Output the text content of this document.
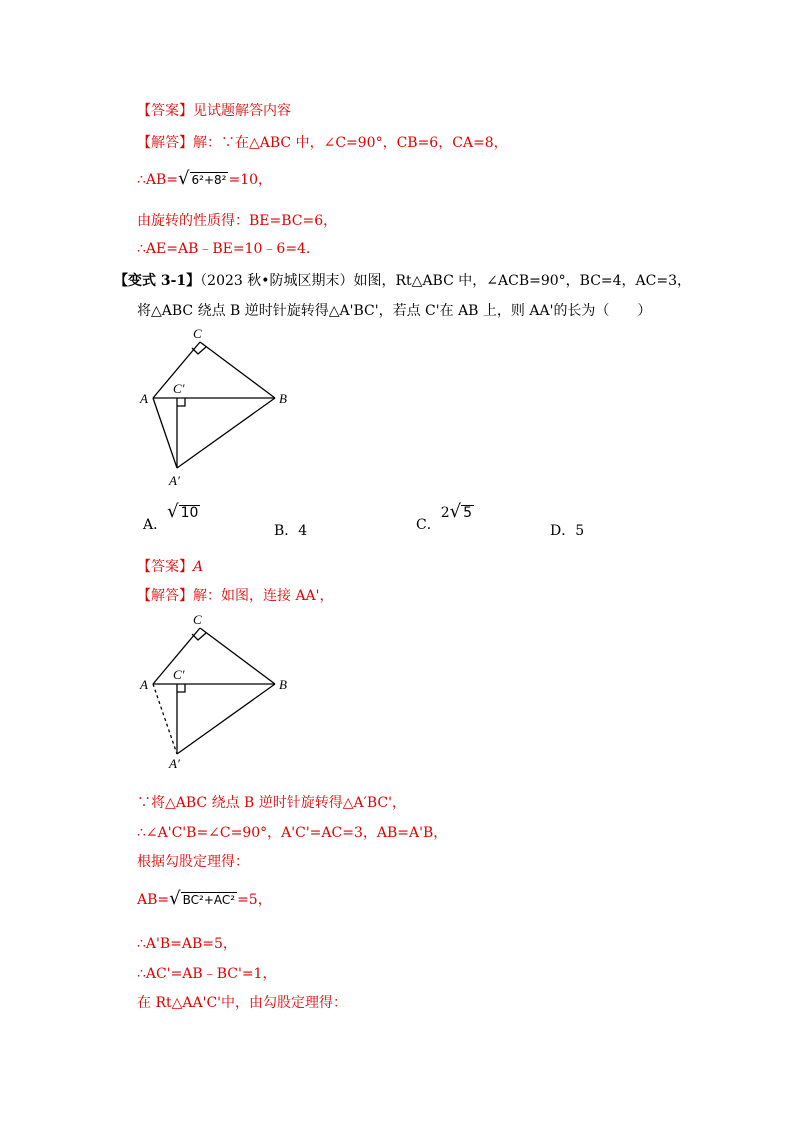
【答案】见试题解答内容
【解答】解：∵在△ABC 中，∠C=90°，CB=6，CA=8，
∴AB=√ 6²+8² =10，
由旋转的性质得：BE=BC=6，
∴AE=AB﹣BE=10﹣6=4．
【变式 3-1】（2023 秋•防城区期末）如图，Rt△ABC 中，∠ACB=90°，BC=4，AC=3，
将△ABC 绕点 B 逆时针旋转得△A'BC'，若点 C'在 AB 上，则 AA'的长为（　　）
C
A	B
C′
A′
A．√ 10
B．4	C．2√ 5
D．5
【答案】A
【解答】解：如图，连接 AA'，
C
A	B
C′
A′
∵将△ABC 绕点 B 逆时针旋转得△A′BC'，
∴∠A'C'B=∠C=90°，A'C'=AC=3，AB=A'B，
根据勾股定理得：
AB=√ BC²+AC² =5，
∴A'B=AB=5，
∴AC'=AB﹣BC'=1，
在 Rt△AA'C'中，由勾股定理得：
